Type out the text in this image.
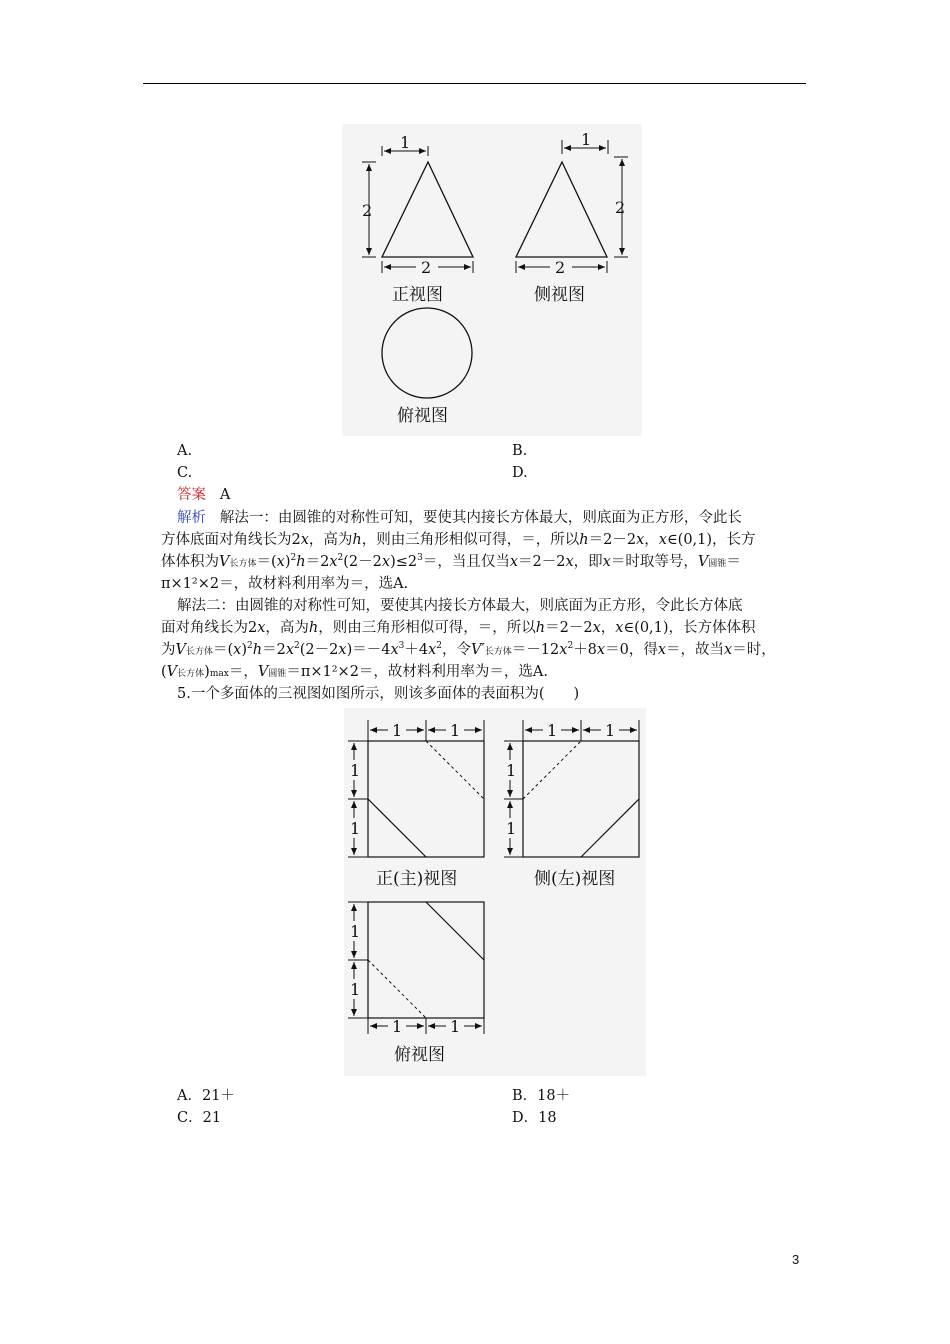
1
2
2
正视图
1
2
2
侧视图
俯视图
A.	B.
C.	D.
答案 A
解析 解法一：由圆锥的对称性可知，要使其内接长方体最大，则底面为正方形，令此长
方体底面对角线长为2x，高为h，则由三角形相似可得，＝，所以h＝2－2x，x∈(0,1)，长方
体体积为V长方体$=(x)^2h=2x^2(2-2x)\le 2^3=$，当且仅当x＝2－2x，即x＝时取等号，V圆锥＝
π×1²×2＝，故材料利用率为＝，选A.
解法二：由圆锥的对称性可知，要使其内接长方体最大，则底面为正方形，令此长方体底
面对角线长为2x，高为h，则由三角形相似可得，＝，所以h＝2－2x，x∈(0,1)，长方体体积
为V长方体$=(x)^2h=2x^2(2-2x)=-4x^3+4x^2$，令V′长方体$=-12x^2+8x=0$，得x＝，故当x＝时，
(V长方体)max＝，V圆锥＝π×1²×2＝，故材料利用率为＝，选A.
5.一个多面体的三视图如图所示，则该多面体的表面积为(　　)
1	1
1
1
正(主)视图
1	1
1
1
侧(左)视图
1
1
1	1
俯视图
A．21＋	B．18＋
C．21	D．18
3
